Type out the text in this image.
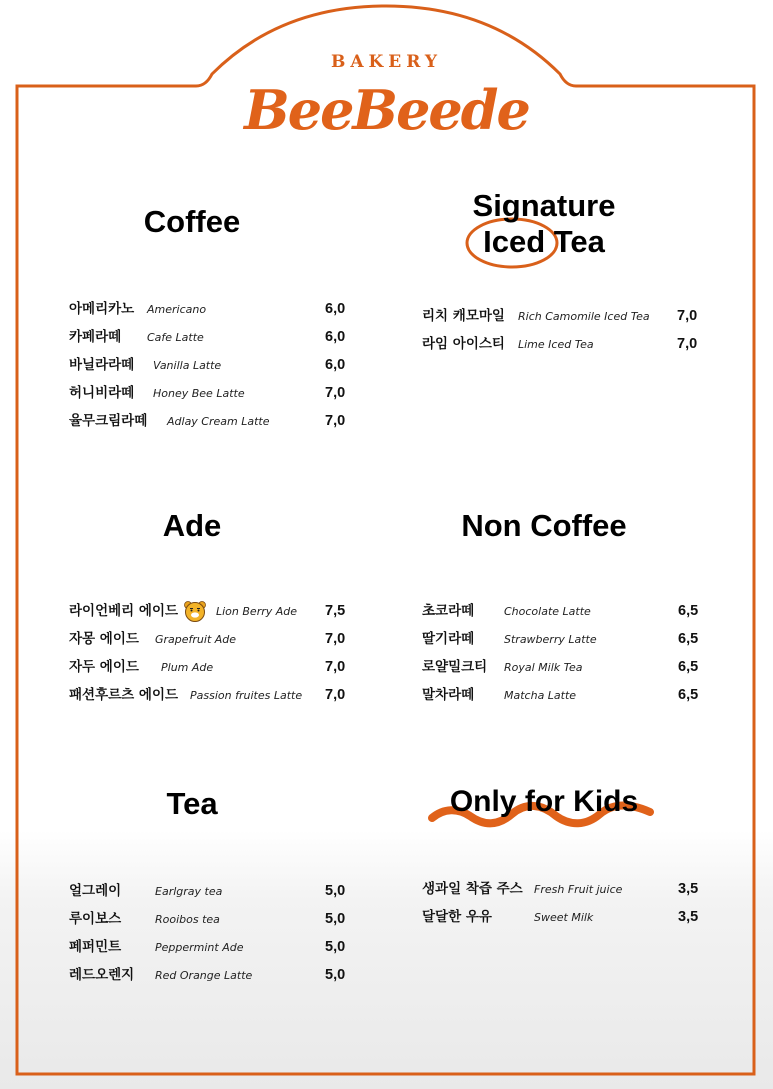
BAKERY
BeeBeede
Coffee
아메리카노 Americano	6,0
카페라떼 Cafe Latte	6,0
바닐라라떼 Vanilla Latte	6,0
허니비라떼 Honey Bee Latte	7,0
율무크림라떼 Adlay Cream Latte	7,0
Signature
Iced Tea
리치 캐모마일 Rich Camomile Iced Tea 7,0
라임 아이스티 Lime Iced Tea	7,0
Ade
라이언베리 에이드	Lion Berry Ade 7,5
자몽 에이드 Grapefruit Ade	7,0
자두 에이드 Plum Ade	7,0
패션후르츠 에이드 Passion fruites Latte 7,0
Non Coffee
초코라떼	Chocolate Latte	6,5
딸기라떼	Strawberry Latte	6,5
로얄밀크티 Royal Milk Tea	6,5
말차라떼	Matcha Latte	6,5
Tea
얼그레이	Earlgray tea	5,0
루이보스	Rooibos tea	5,0
페퍼민트	Peppermint Ade	5,0
레드오렌지 Red Orange Latte	5,0
Only for Kids
생과일 착즙 주스 Fresh Fruit juice	3,5
달달한 우유	Sweet Milk	3,5
